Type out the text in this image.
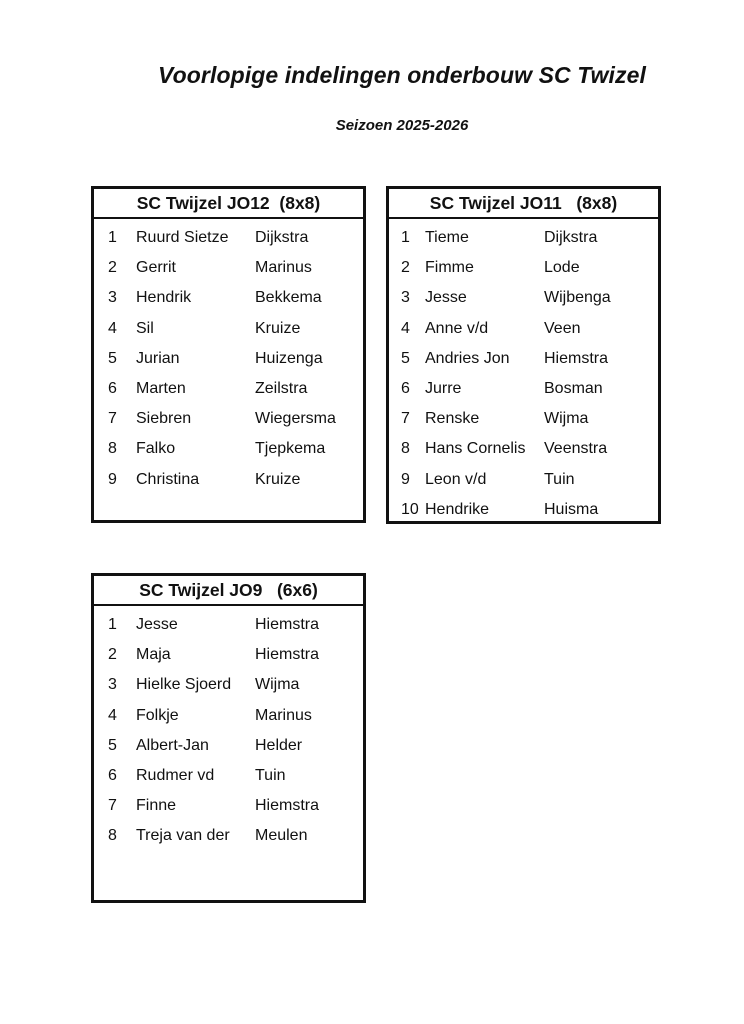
Voorlopige indelingen onderbouw SC Twizel
Seizoen 2025-2026
SC Twijzel JO12  (8x8)
1	Ruurd Sietze	Dijkstra
2	Gerrit	Marinus
3	Hendrik	Bekkema
4	Sil	Kruize
5	Jurian	Huizenga
6	Marten	Zeilstra
7	Siebren	Wiegersma
8	Falko	Tjepkema
9	Christina	Kruize
SC Twijzel JO11   (8x8)
1 Tieme	Dijkstra
2 Fimme	Lode
3 Jesse	Wijbenga
4 Anne v/d	Veen
5 Andries Jon	Hiemstra
6 Jurre	Bosman
7 Renske	Wijma
8 Hans Cornelis	Veenstra
9 Leon v/d	Tuin
10 Hendrike	Huisma
SC Twijzel JO9   (6x6)
1	Jesse	Hiemstra
2	Maja	Hiemstra
3	Hielke Sjoerd	Wijma
4	Folkje	Marinus
5	Albert-Jan	Helder
6	Rudmer vd	Tuin
7	Finne	Hiemstra
8	Treja van der	Meulen
